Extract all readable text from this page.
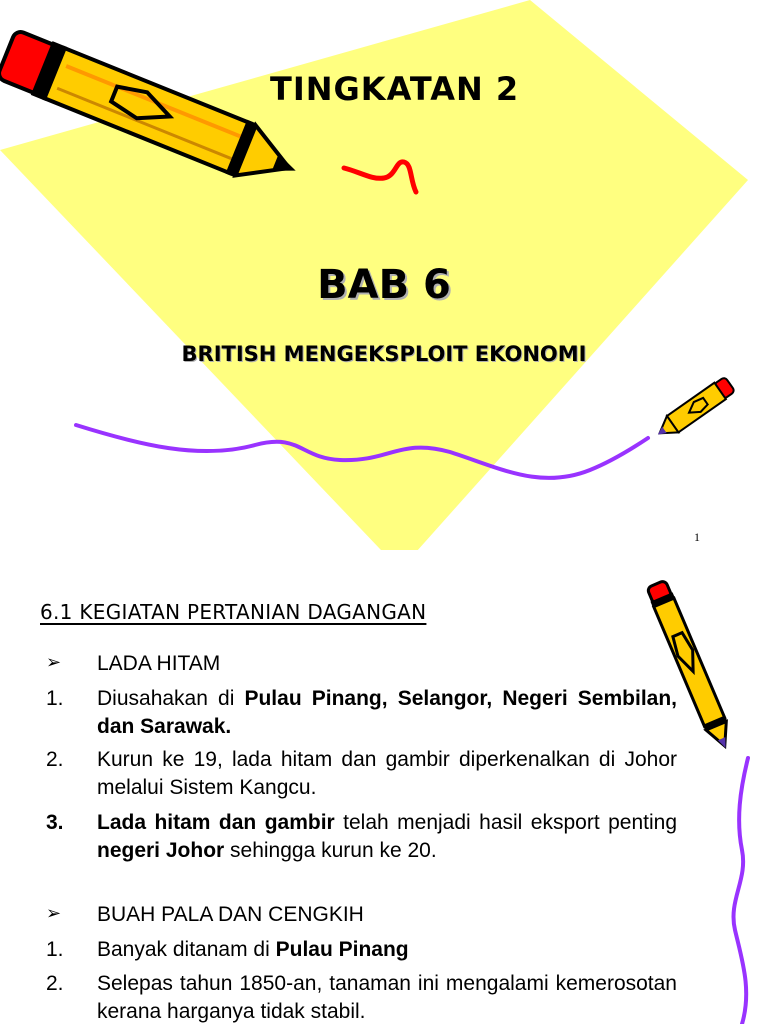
TINGKATAN 2
BAB 6
BRITISH MENGEKSPLOIT EKONOMI
1
6.1 KEGIATAN PERTANIAN DAGANGAN
➢ LADA HITAM
1. Diusahakan di Pulau Pinang, Selangor, Negeri Sembilan, dan Sarawak.
2. Kurun ke 19, lada hitam dan gambir diperkenalkan di Johor melalui Sistem Kangcu.
3. Lada hitam dan gambir telah menjadi hasil eksport penting negeri Johor sehingga kurun ke 20.
➢ BUAH PALA DAN CENGKIH
1. Banyak ditanam di Pulau Pinang
2. Selepas tahun 1850-an, tanaman ini mengalami kemerosotan kerana harganya tidak stabil.
